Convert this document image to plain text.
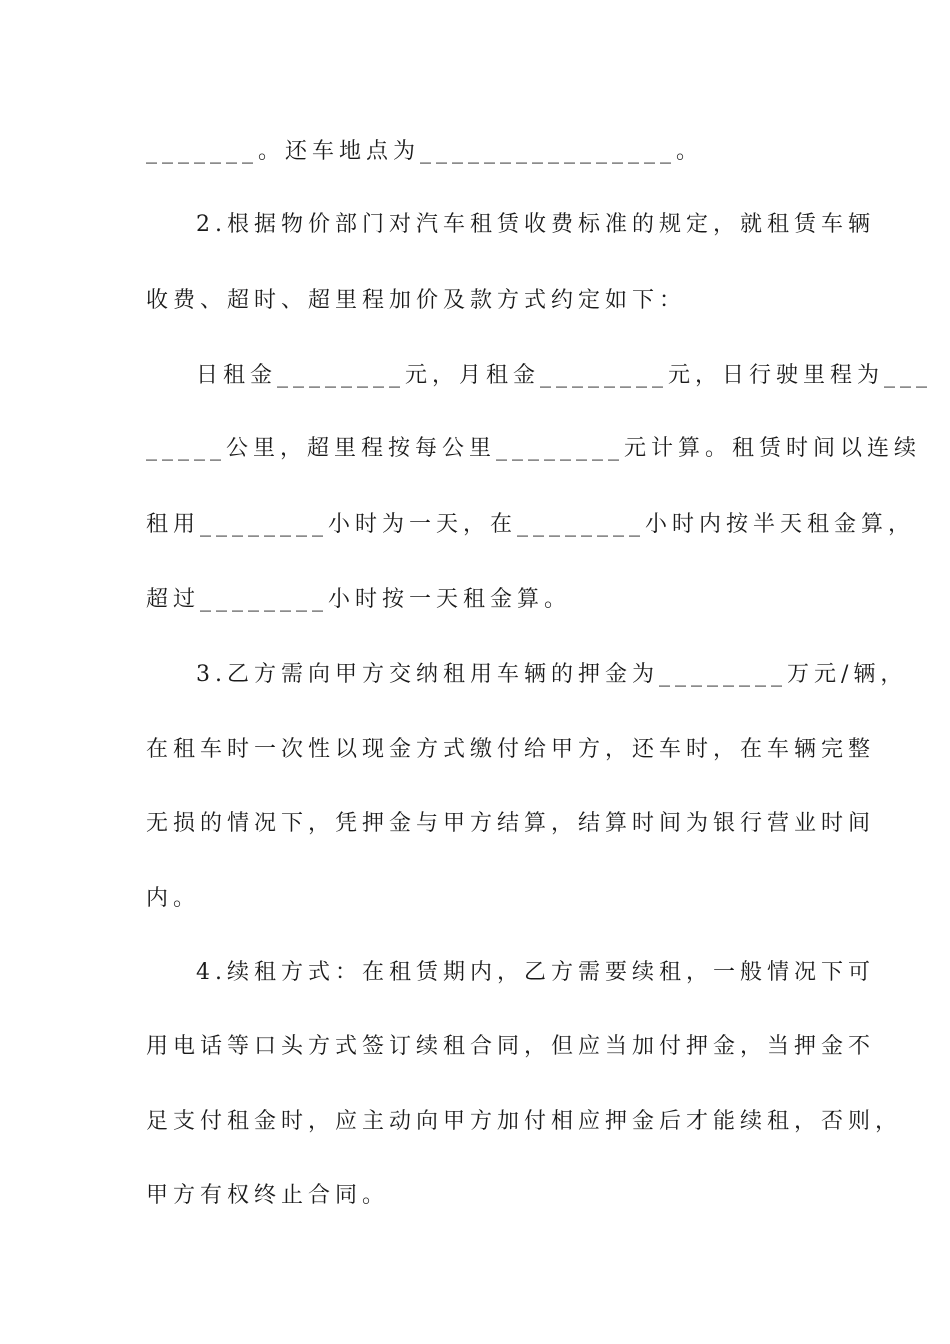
_______。还车地点为________________。
2.根据物价部门对汽车租赁收费标准的规定，就租赁车辆
收费、超时、超里程加价及款方式约定如下：
日租金________元，月租金________元，日行驶里程为___
_____公里，超里程按每公里________元计算。租赁时间以连续
租用________小时为一天，在________小时内按半天租金算，
超过________小时按一天租金算。
3.乙方需向甲方交纳租用车辆的押金为________万元/辆，
在租车时一次性以现金方式缴付给甲方，还车时，在车辆完整
无损的情况下，凭押金与甲方结算，结算时间为银行营业时间
内。
4.续租方式：在租赁期内，乙方需要续租，一般情况下可
用电话等口头方式签订续租合同，但应当加付押金，当押金不
足支付租金时，应主动向甲方加付相应押金后才能续租，否则，
甲方有权终止合同。
